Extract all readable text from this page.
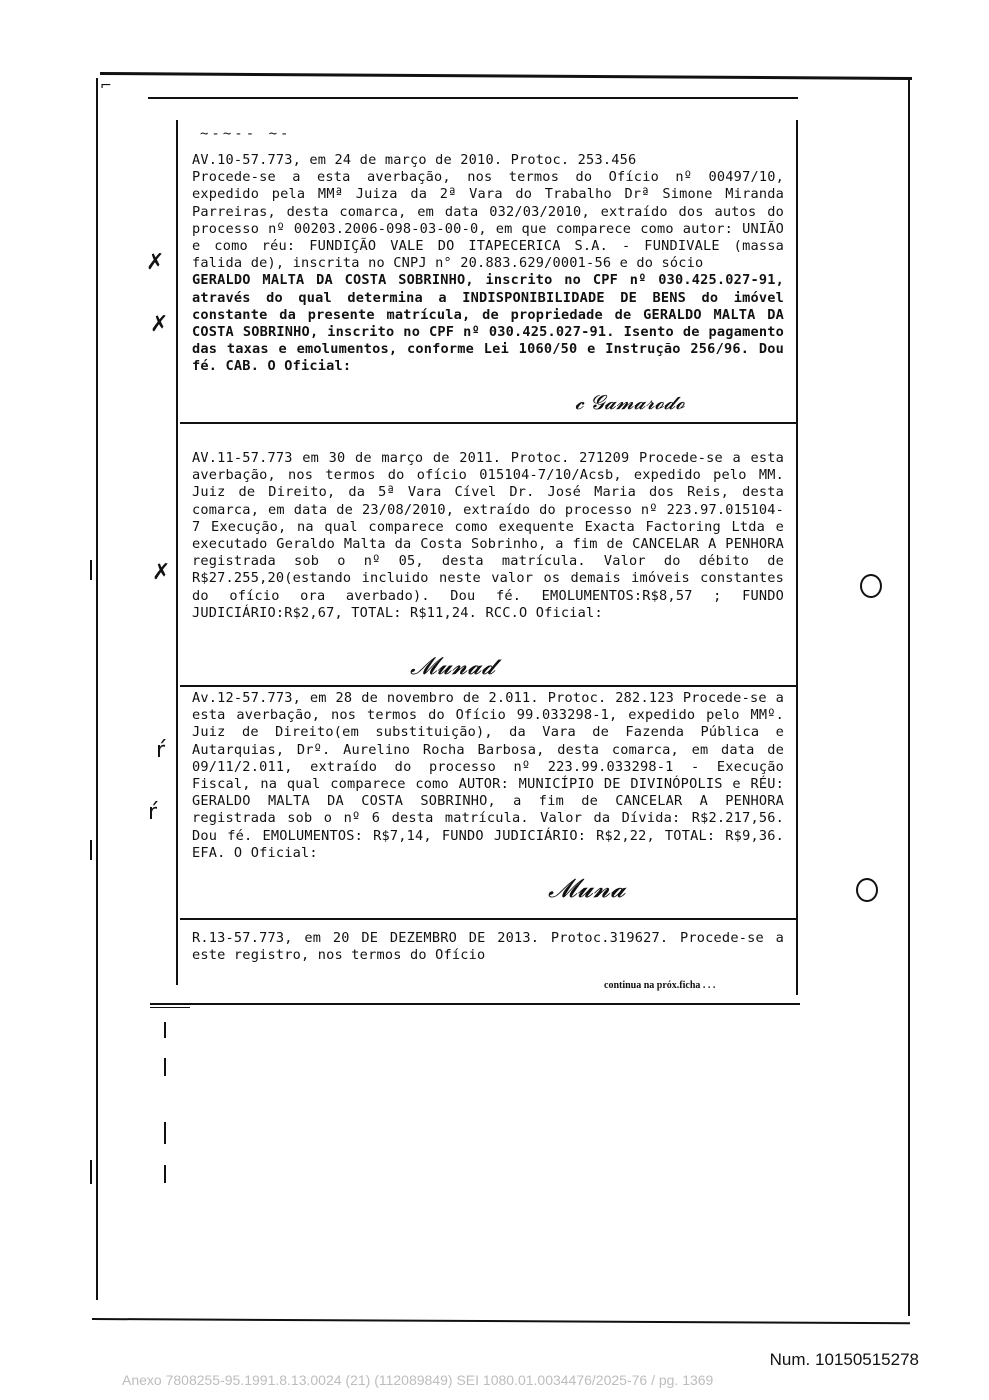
⌐
~-~-- ~-

AV.10-57.773, em 24 de março de 2010. Protoc. 253.456

Procede-se a esta averbação, nos termos do Ofício nº 00497/10, expedido pela MMª Juiza da 2ª Vara do Trabalho Drª Simone Miranda Parreiras, desta comarca, em data 032/03/2010, extraído dos autos do processo nº 00203.2006-098-03-00-0, em que comparece como autor: UNIÃO e como réu: FUNDIÇÃO VALE DO ITAPECERICA S.A. - FUNDIVALE (massa falida de), inscrita no CNPJ n° 20.883.629/0001-56 e do sócio

GERALDO MALTA DA COSTA SOBRINHO, inscrito no CPF nº 030.425.027-91, através do qual determina a INDISPONIBILIDADE DE BENS do imóvel constante da presente matrícula, de propriedade de GERALDO MALTA DA COSTA SOBRINHO, inscrito no CPF nº 030.425.027-91. Isento de pagamento das taxas e emolumentos, conforme Lei 1060/50 e Instrução 256/96. Dou fé. CAB. O Oficial:

𝓬 𝓖𝓪𝓶𝓪𝓻𝓸𝓭𝓸

AV.11-57.773 em 30 de março de 2011. Protoc. 271209 Procede-se a esta averbação, nos termos do ofício 015104-7/10/Acsb, expedido pelo MM. Juiz de Direito, da 5ª Vara Cível Dr. José Maria dos Reis, desta comarca, em data de 23/08/2010, extraído do processo nº 223.97.015104-7 Execução, na qual comparece como exequente Exacta Factoring Ltda e executado Geraldo Malta da Costa Sobrinho, a fim de CANCELAR A PENHORA registrada sob o nº 05, desta matrícula. Valor do débito de R$27.255,20(estando incluido neste valor os demais imóveis constantes do ofício ora averbado). Dou fé. EMOLUMENTOS:R$8,57 ; FUNDO JUDICIÁRIO:R$2,67, TOTAL: R$11,24. RCC.O Oficial:

𝓜𝓾𝓷𝓪𝓭

Av.12-57.773, em 28 de novembro de 2.011. Protoc. 282.123 Procede-se a esta averbação, nos termos do Ofício 99.033298-1, expedido pelo MMº. Juiz de Direito(em substituição), da Vara de Fazenda Pública e Autarquias, Drº. Aurelino Rocha Barbosa, desta comarca, em data de 09/11/2.011, extraído do processo nº 223.99.033298-1 - Execução Fiscal, na qual comparece como AUTOR: MUNICÍPIO DE DIVINÓPOLIS e RÉU: GERALDO MALTA DA COSTA SOBRINHO, a fim de CANCELAR A PENHORA registrada sob o nº 6 desta matrícula. Valor da Dívida: R$2.217,56. Dou fé. EMOLUMENTOS: R$7,14, FUNDO JUDICIÁRIO: R$2,22, TOTAL: R$9,36. EFA. O Oficial:

𝓜𝓾𝓷𝓪

R.13-57.773, em 20 DE DEZEMBRO DE 2013. Protoc.319627. Procede-se a este registro, nos termos do Ofício

continua na próx.ficha . . .
✗
✗
✗
ŕ
ŕ
Num. 10150515278
Anexo 7808255-95.1991.8.13.0024 (21) (112089849) SEI 1080.01.0034476/2025-76 / pg. 1369
